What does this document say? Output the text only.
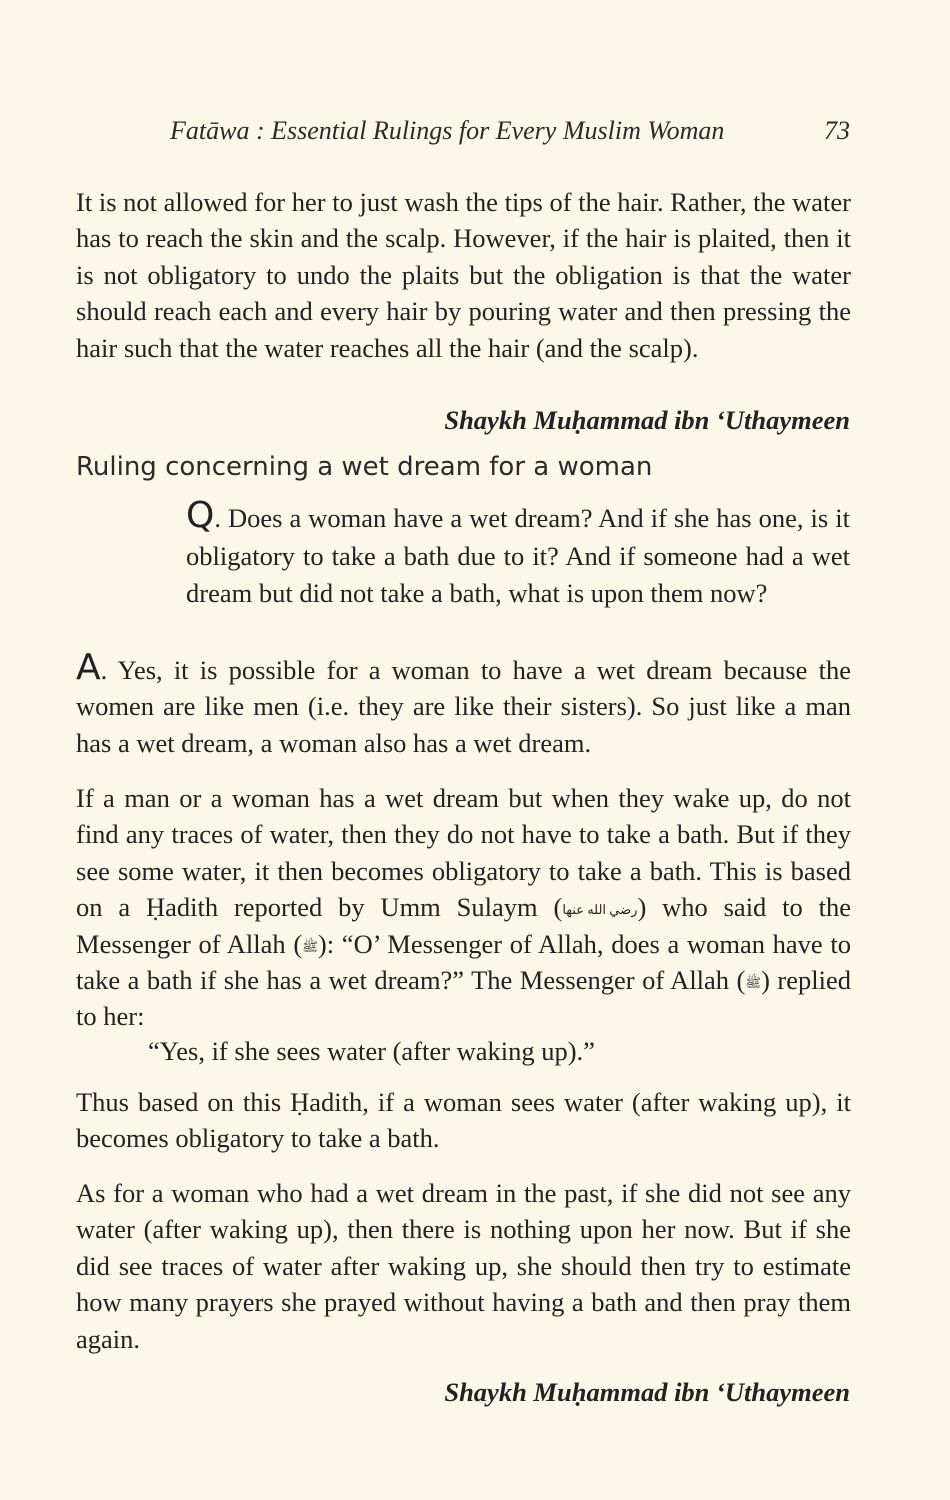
Fatāwa : Essential Rulings for Every Muslim Woman	73

It is not allowed for her to just wash the tips of the hair. Rather, the water has to reach the skin and the scalp. However, if the hair is plaited, then it is not obligatory to undo the plaits but the obligation is that the water should reach each and every hair by pouring water and then pressing the hair such that the water reaches all the hair (and the scalp).

Shaykh Muḥammad ibn ‘Uthaymeen
Ruling concerning a wet dream for a woman

Q. Does a woman have a wet dream? And if she has one, is it obligatory to take a bath due to it? And if someone had a wet dream but did not take a bath, what is upon them now?

A. Yes, it is possible for a woman to have a wet dream because the women are like men (i.e. they are like their sisters). So just like a man has a wet dream, a woman also has a wet dream.

If a man or a woman has a wet dream but when they wake up, do not find any traces of water, then they do not have to take a bath. But if they see some water, it then becomes obligatory to take a bath. This is based on a Ḥadith reported by Umm Sulaym (رضي الله عنها) who said to the Messenger of Allah (ﷺ): “O’ Messenger of Allah, does a woman have to take a bath if she has a wet dream?” The Messenger of Allah (ﷺ) replied to her:

“Yes, if she sees water (after waking up).”

Thus based on this Ḥadith, if a woman sees water (after waking up), it becomes obligatory to take a bath.

As for a woman who had a wet dream in the past, if she did not see any water (after waking up), then there is nothing upon her now. But if she did see traces of water after waking up, she should then try to estimate how many prayers she prayed without having a bath and then pray them again.

Shaykh Muḥammad ibn ‘Uthaymeen
